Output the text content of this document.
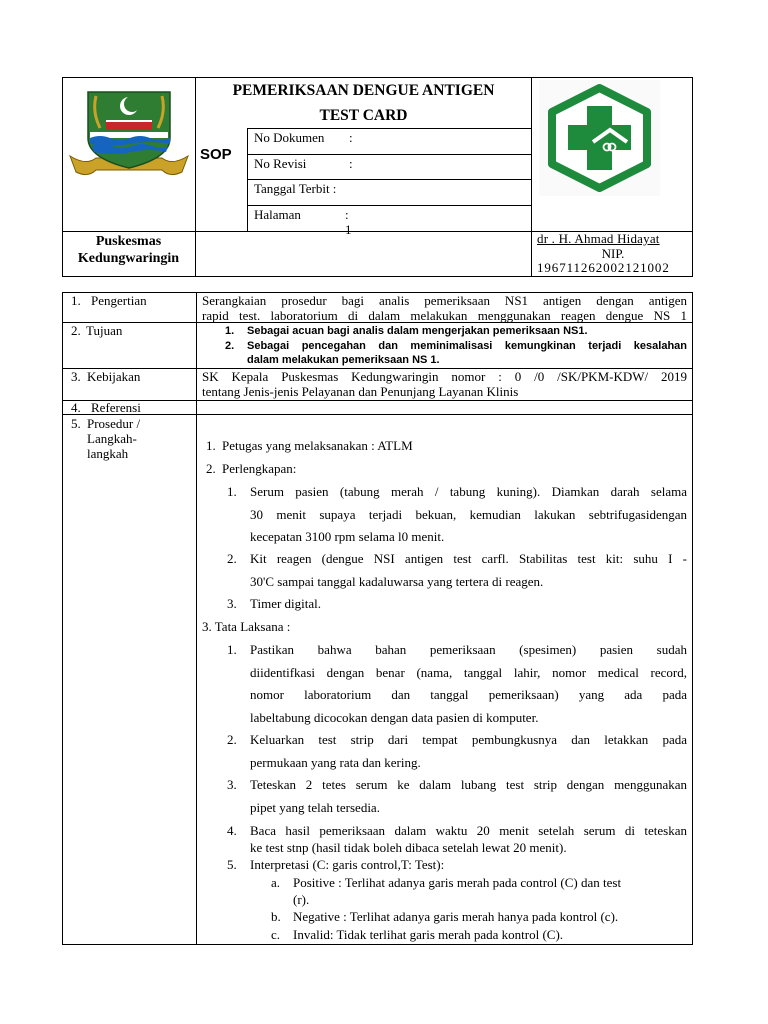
PEMERIKSAAN DENGUE ANTIGEN
TEST CARD
SOP
No Dokumen :
No Revisi	:
Tanggal Terbit :
Halaman	: 1
Puskesmas
Kedungwaringin
dr . H. Ahmad Hidayat
NIP.
196711262002121002
1. Pengertian	Serangkaian prosedur bagi analis pemeriksaan NS1 antigen dengan antigen
rapid test. laboratorium di dalam melakukan menggunakan reagen dengue NS 1
2. Tujuan	1. Sebagai acuan bagi analis dalam mengerjakan pemeriksaan NS1.
2. Sebagai pencegahan dan meminimalisasi kemungkinan terjadi kesalahan
dalam melakukan pemeriksaan NS 1.
3. Kebijakan	SK Kepala Puskesmas Kedungwaringin nomor : 0 /0 /SK/PKM-KDW/ 2019
tentang Jenis-jenis Pelayanan dan Penunjang Layanan Klinis
4. Referensi
5. Prosedur /
Langkah-
langkah
1. Petugas yang melaksanakan : ATLM
2. Perlengkapan:
1. Serum pasien (tabung merah / tabung kuning). Diamkan darah selama
30 menit supaya terjadi bekuan, kemudian lakukan sebtrifugasidengan
kecepatan 3100 rpm selama l0 menit.
2. Kit reagen (dengue NSI antigen test carfl. Stabilitas test kit: suhu I -
30'C sampai tanggal kadaluwarsa yang tertera di reagen.
3. Timer digital.
3. Tata Laksana :
1. Pastikan bahwa bahan pemeriksaan (spesimen) pasien sudah
diidentifkasi dengan benar (nama, tanggal lahir, nomor medical record,
nomor laboratorium dan tanggal pemeriksaan) yang ada pada
labeltabung dicocokan dengan data pasien di komputer.
2. Keluarkan test strip dari tempat pembungkusnya dan letakkan pada
permukaan yang rata dan kering.
3. Teteskan 2 tetes serum ke dalam lubang test strip dengan menggunakan
pipet yang telah tersedia.
4. Baca hasil pemeriksaan dalam waktu 20 menit setelah serum di teteskan
ke test stnp (hasil tidak boleh dibaca setelah lewat 20 menit).
5. Interpretasi (C: garis control,T: Test):
a. Positive : Terlihat adanya garis merah pada control (C) dan test
(r).
b. Negative : Terlihat adanya garis merah hanya pada kontrol (c).
c. Invalid: Tidak terlihat garis merah pada kontrol (C).
